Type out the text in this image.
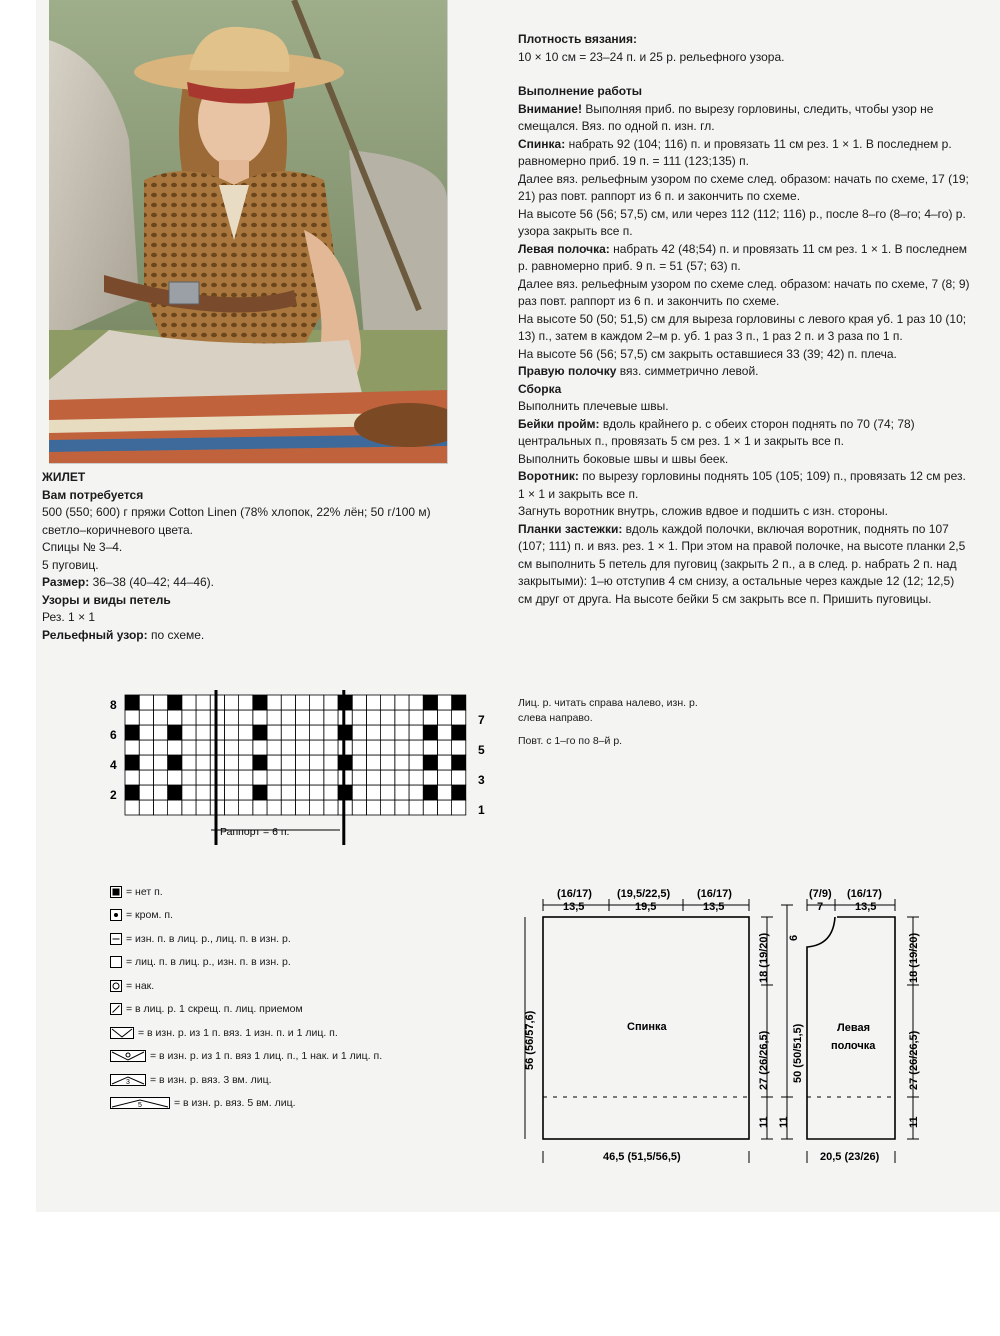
ЖИЛЕТ

Вам потребуется

500 (550; 600) г пряжи Cotton Linen (78% хлопок, 22% лён; 50 г/100 м) светло–коричневого цвета.

Спицы № 3–4.

5 пуговиц.

Размер: 36–38 (40–42; 44–46).

Узоры и виды петель

Рез. 1 × 1

Рельефный узор: по схеме.

Плотность вязания:

10 × 10 см = 23–24 п. и 25 р. рельефного узора.

Выполнение работы

Внимание! Выполняя приб. по вырезу горловины, следить, чтобы узор не смещался. Вяз. по одной п. изн. гл.

Спинка: набрать 92 (104; 116) п. и провязать 11 см рез. 1 × 1. В последнем р. равномерно приб. 19 п. = 111 (123;135) п.

Далее вяз. рельефным узором по схеме след. образом: начать по схеме, 17 (19; 21) раз повт. раппорт из 6 п. и закончить по схеме.

На высоте 56 (56; 57,5) см, или через 112 (112; 116) р., после 8–го (8–го; 4–го) р. узора закрыть все п.

Левая полочка: набрать 42 (48;54) п. и провязать 11 см рез. 1 × 1. В последнем р. равномерно приб. 9 п. = 51 (57; 63) п.

Далее вяз. рельефным узором по схеме след. образом: начать по схеме, 7 (8; 9) раз повт. раппорт из 6 п. и закончить по схеме.

На высоте 50 (50; 51,5) см для выреза горловины с левого края уб. 1 раз 10 (10; 13) п., затем в каждом 2–м р. уб. 1 раз 3 п., 1 раз 2 п. и 3 раза по 1 п.

На высоте 56 (56; 57,5) см закрыть оставшиеся 33 (39; 42) п. плеча.

Правую полочку вяз. симметрично левой.

Сборка

Выполнить плечевые швы.

Бейки пройм: вдоль крайнего р. с обеих сторон поднять по 70 (74; 78) центральных п., провязать 5 см рез. 1 × 1 и закрыть все п.

Выполнить боковые швы и швы беек.

Воротник: по вырезу горловины поднять 105 (105; 109) п., провязать 12 см рез. 1 × 1 и закрыть все п.

Загнуть воротник внутрь, сложив вдвое и подшить с изн. стороны.

Планки застежки: вдоль каждой полочки, включая воротник, поднять по 107 (107; 111) п. и вяз. рез. 1 × 1. При этом на правой полочке, на высоте планки 2,5 см выполнить 5 петель для пуговиц (закрыть 2 п., а в след. р. набрать 2 п. над закрытыми): 1–ю отступив 4 см снизу, а остальные через каждые 12 (12; 12,5) см друг от друга. На высоте бейки 5 см закрыть все п. Пришить пуговицы.

8
6
4
2
7
5
3
1
Раппорт = 6 п.
= нет п.
= кром. п.
= изн. п. в лиц. р., лиц. п. в изн. р.
= лиц. п. в лиц. р., изн. п. в изн. р.
= нак.
= в лиц. р. 1 скрещ. п. лиц. приемом
= в изн. р. из 1 п. вяз. 1 изн. п. и 1 лиц. п.
= в изн. р. из 1 п. вяз 1 лиц. п., 1 нак. и 1 лиц. п.
3 = в изн. р. вяз. 3 вм. лиц.
5	= в изн. р. вяз. 5 вм. лиц.

Лиц. р. читать справа налево, изн. р.

слева направо.

Повт. с 1–го по 8–й р.

(16/17)
13,5
(19,5/22,5)
19,5
(16/17)
13,5
56 (56/57,6)
18 (19/20)
27 (26/26,5)
11
Спинка
46,5 (51,5/56,5)
50 (50/51,5)
11
(7/9)
7
(16/17)
13,5
6
Левая
полочка
18 (19/20)
27 (26/26,5)
11
20,5 (23/26)
